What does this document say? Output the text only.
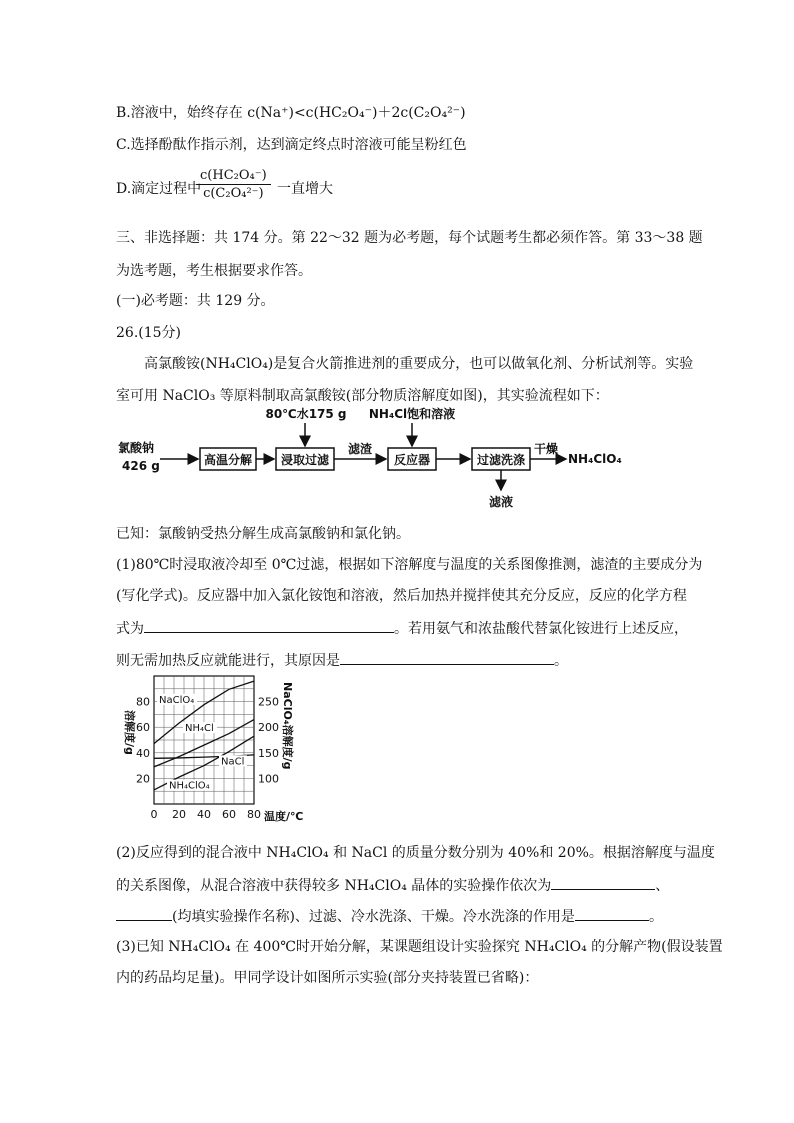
B.溶液中，始终存在 c(Na⁺)<c(HC₂O₄⁻)＋2c(C₂O₄²⁻)
C.选择酚酞作指示剂，达到滴定终点时溶液可能呈粉红色
D.滴定过程中
c(HC₂O₄⁻)
c(C₂O₄²⁻) 一直增大
三、非选择题：共 174 分。第 22～32 题为必考题，每个试题考生都必须作答。第 33～38 题
为选考题，考生根据要求作答。
(一)必考题：共 129 分。
26.(15分)
高氯酸铵(NH₄ClO₄)是复合火箭推进剂的重要成分，也可以做氧化剂、分析试剂等。实验
室可用 NaClO₃ 等原料制取高氯酸铵(部分物质溶解度如图)，其实验流程如下：
氯酸钠
426 g	高温分解 浸取过滤
80℃水175 g
滤渣
反应器
NH₄Cl饱和溶液
过滤洗涤
滤液
干燥
NH₄ClO₄
已知：氯酸钠受热分解生成高氯酸钠和氯化钠。
(1)80℃时浸取液冷却至 0℃过滤，根据如下溶解度与温度的关系图像推测，滤渣的主要成分为
(写化学式)。反应器中加入氯化铵饱和溶液，然后加热并搅拌使其充分反应，反应的化学方程
式为	。若用氨气和浓盐酸代替氯化铵进行上述反应，
则无需加热反应就能进行，其原因是	。
0 20 40 60 80
20
40
60
80
100
150
200
250
NaClO₄
NH₄Cl
NaCl
NH₄ClO₄
溶解度/g	NaClO₄溶解度/g
温度/℃
(2)反应得到的混合液中 NH₄ClO₄ 和 NaCl 的质量分数分别为 40%和 20%。根据溶解度与温度
的关系图像，从混合溶液中获得较多 NH₄ClO₄ 晶体的实验操作依次为	、
(均填实验操作名称)、过滤、冷水洗涤、干燥。冷水洗涤的作用是	。
(3)已知 NH₄ClO₄ 在 400℃时开始分解，某课题组设计实验探究 NH₄ClO₄ 的分解产物(假设装置
内的药品均足量)。甲同学设计如图所示实验(部分夹持装置已省略)：
